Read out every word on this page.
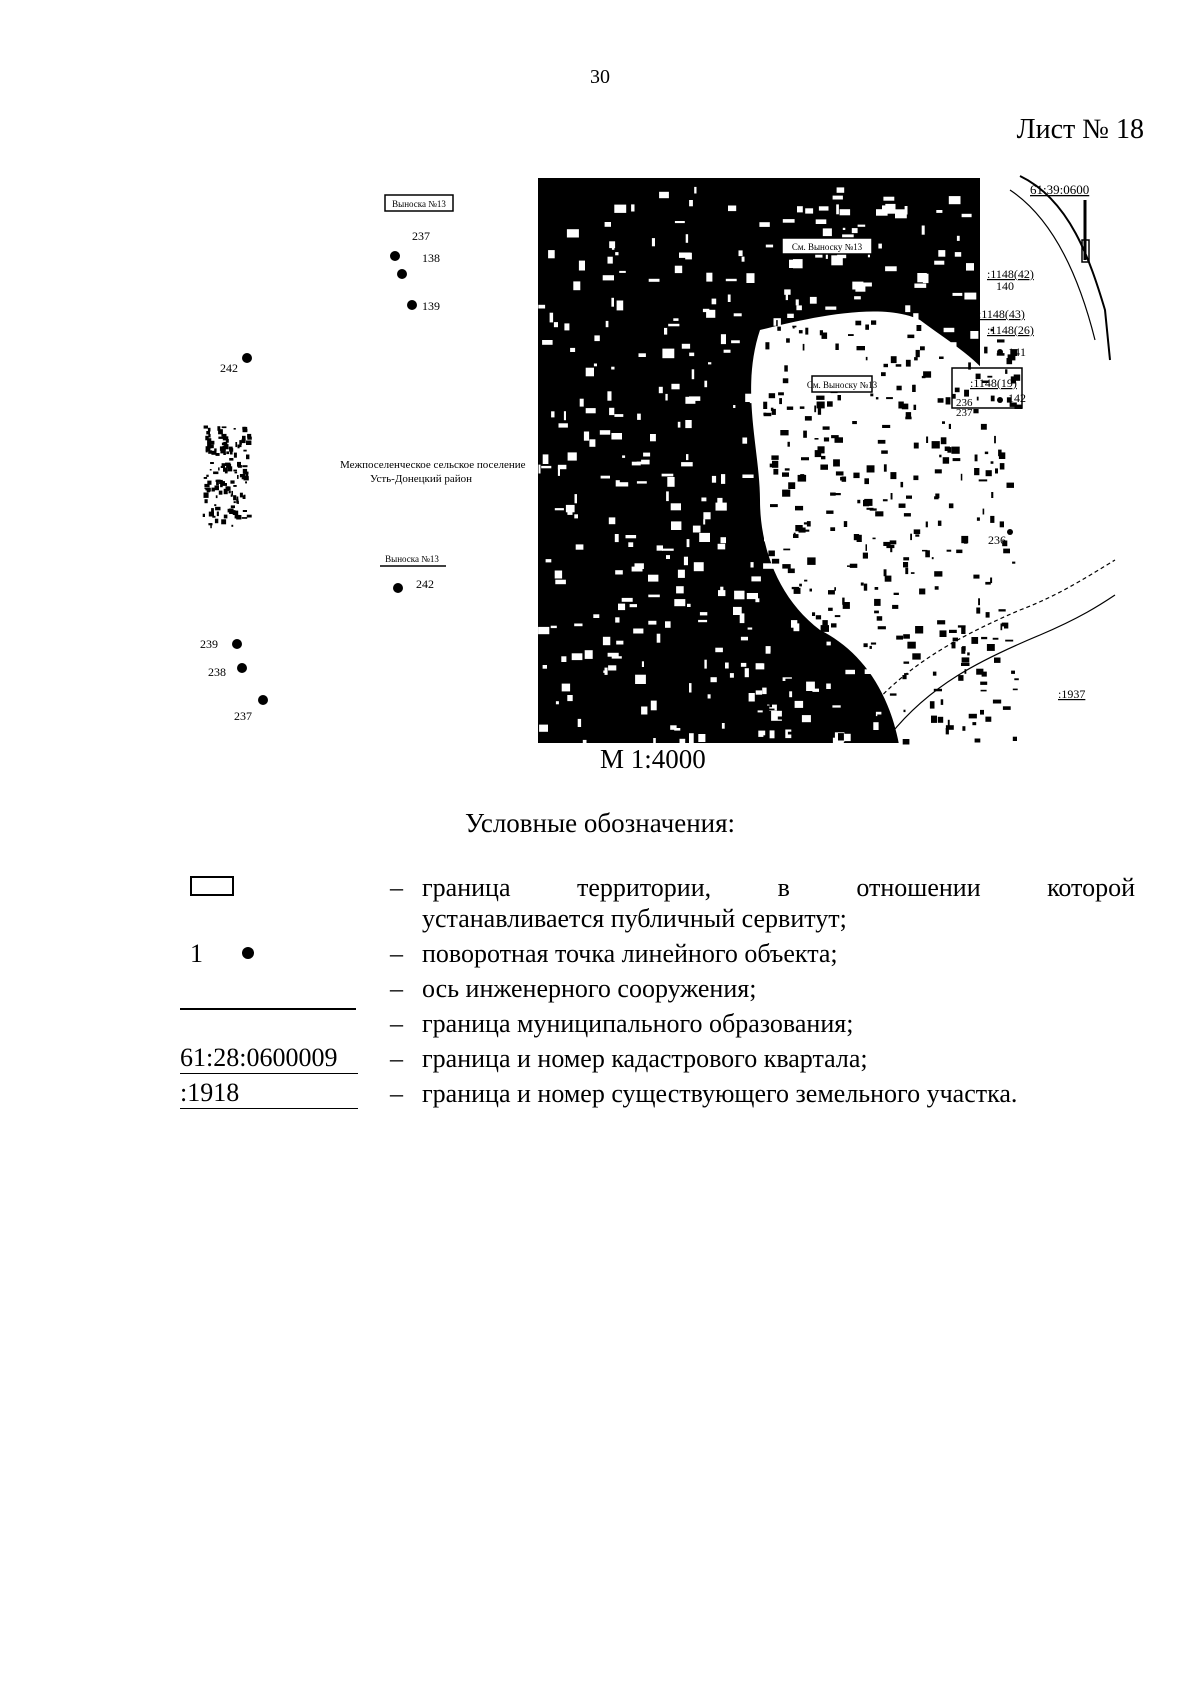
30
Лист № 18
Выноска №13
См. Выноску №13
См. Выноску №13
Выноска №13
Межпоселенческое сельское поселение
Усть-Донецкий район
61:39:0600
:1148(42)
:1148(43)
:1148(26)
:1148(19)
:1937
237
138
139
242
242
239
238
237
140
141
142
236
237
236
М 1:4000
Условные обозначения:
– граница территории, в отношении которой
устанавливается публичный сервитут;
1	– поворотная точка линейного объекта;
– ось инженерного сооружения;
– граница муниципального образования;
61:28:0600009	– граница и номер кадастрового квартала;
:1918	– граница и номер существующего земельного участка.
